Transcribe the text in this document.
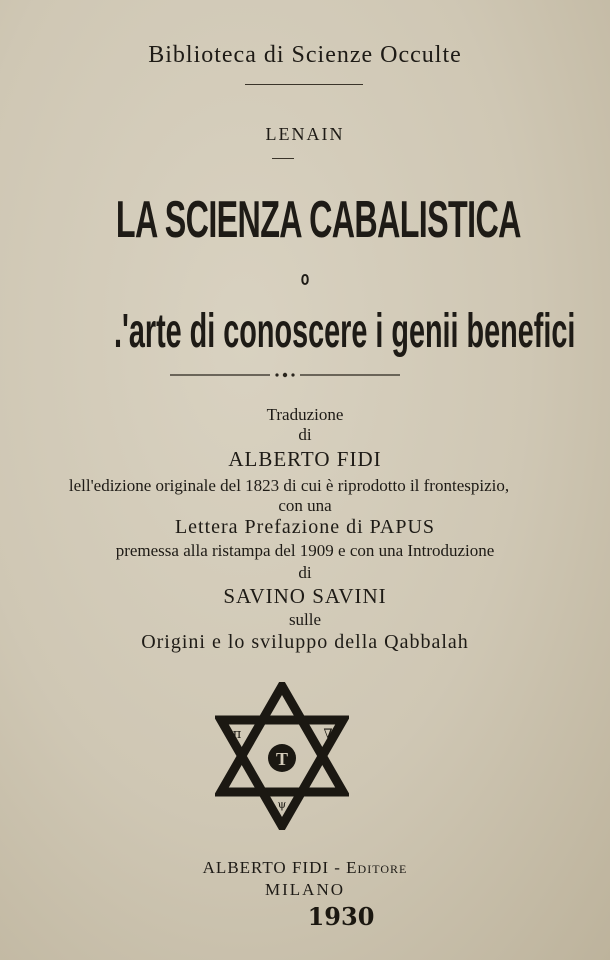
Biblioteca di Scienze Occulte
LENAIN
LA SCIENZA CABALISTICA
o
.'arte di conoscere i genii benefici
Traduzione
di
ALBERTO FIDI
lell'edizione originale del 1823 di cui è riprodotto il frontespizio,
con una
Lettera Prefazione di PAPUS
premessa alla ristampa del 1909 e con una Introduzione
di
SAVINO SAVINI
sulle
Origini e lo sviluppo della Qabbalah
T
π	∇
A
ψ
ALBERTO FIDI - Editore
MILANO
1930
